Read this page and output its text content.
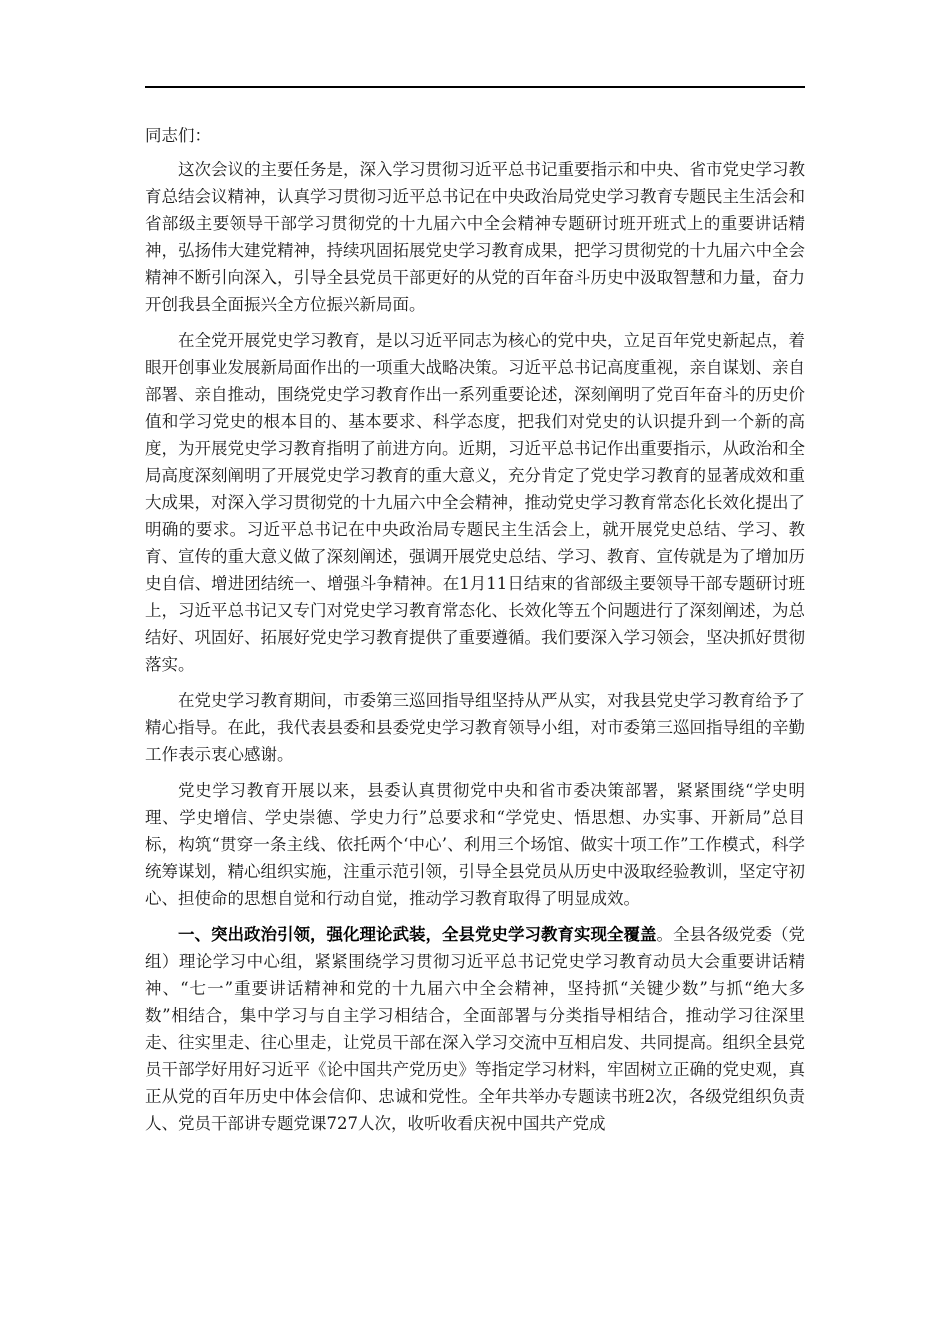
同志们：

这次会议的主要任务是，深入学习贯彻习近平总书记重要指示和中央、省市党史学习教育总结会议精神，认真学习贯彻习近平总书记在中央政治局党史学习教育专题民主生活会和省部级主要领导干部学习贯彻党的十九届六中全会精神专题研讨班开班式上的重要讲话精神，弘扬伟大建党精神，持续巩固拓展党史学习教育成果，把学习贯彻党的十九届六中全会精神不断引向深入，引导全县党员干部更好的从党的百年奋斗历史中汲取智慧和力量，奋力开创我县全面振兴全方位振兴新局面。

在全党开展党史学习教育，是以习近平同志为核心的党中央，立足百年党史新起点，着眼开创事业发展新局面作出的一项重大战略决策。习近平总书记高度重视，亲自谋划、亲自部署、亲自推动，围绕党史学习教育作出一系列重要论述，深刻阐明了党百年奋斗的历史价值和学习党史的根本目的、基本要求、科学态度，把我们对党史的认识提升到一个新的高度，为开展党史学习教育指明了前进方向。近期，习近平总书记作出重要指示，从政治和全局高度深刻阐明了开展党史学习教育的重大意义，充分肯定了党史学习教育的显著成效和重大成果，对深入学习贯彻党的十九届六中全会精神，推动党史学习教育常态化长效化提出了明确的要求。习近平总书记在中央政治局专题民主生活会上，就开展党史总结、学习、教育、宣传的重大意义做了深刻阐述，强调开展党史总结、学习、教育、宣传就是为了增加历史自信、增进团结统一、增强斗争精神。在1月11日结束的省部级主要领导干部专题研讨班上，习近平总书记又专门对党史学习教育常态化、长效化等五个问题进行了深刻阐述，为总结好、巩固好、拓展好党史学习教育提供了重要遵循。我们要深入学习领会，坚决抓好贯彻落实。

在党史学习教育期间，市委第三巡回指导组坚持从严从实，对我县党史学习教育给予了精心指导。在此，我代表县委和县委党史学习教育领导小组，对市委第三巡回指导组的辛勤工作表示衷心感谢。

党史学习教育开展以来，县委认真贯彻党中央和省市委决策部署，紧紧围绕“学史明理、学史增信、学史崇德、学史力行”总要求和“学党史、悟思想、办实事、开新局”总目标，构筑“贯穿一条主线、依托两个‘中心’、利用三个场馆、做实十项工作”工作模式，科学统筹谋划，精心组织实施，注重示范引领，引导全县党员从历史中汲取经验教训，坚定守初心、担使命的思想自觉和行动自觉，推动学习教育取得了明显成效。

一、突出政治引领，强化理论武装，全县党史学习教育实现全覆盖。全县各级党委（党组）理论学习中心组，紧紧围绕学习贯彻习近平总书记党史学习教育动员大会重要讲话精神、“七一”重要讲话精神和党的十九届六中全会精神，坚持抓“关键少数”与抓“绝大多数”相结合，集中学习与自主学习相结合，全面部署与分类指导相结合，推动学习往深里走、往实里走、往心里走，让党员干部在深入学习交流中互相启发、共同提高。组织全县党员干部学好用好习近平《论中国共产党历史》等指定学习材料，牢固树立正确的党史观，真正从党的百年历史中体会信仰、忠诚和党性。全年共举办专题读书班2次，各级党组织负责人、党员干部讲专题党课727人次，收听收看庆祝中国共产党成
